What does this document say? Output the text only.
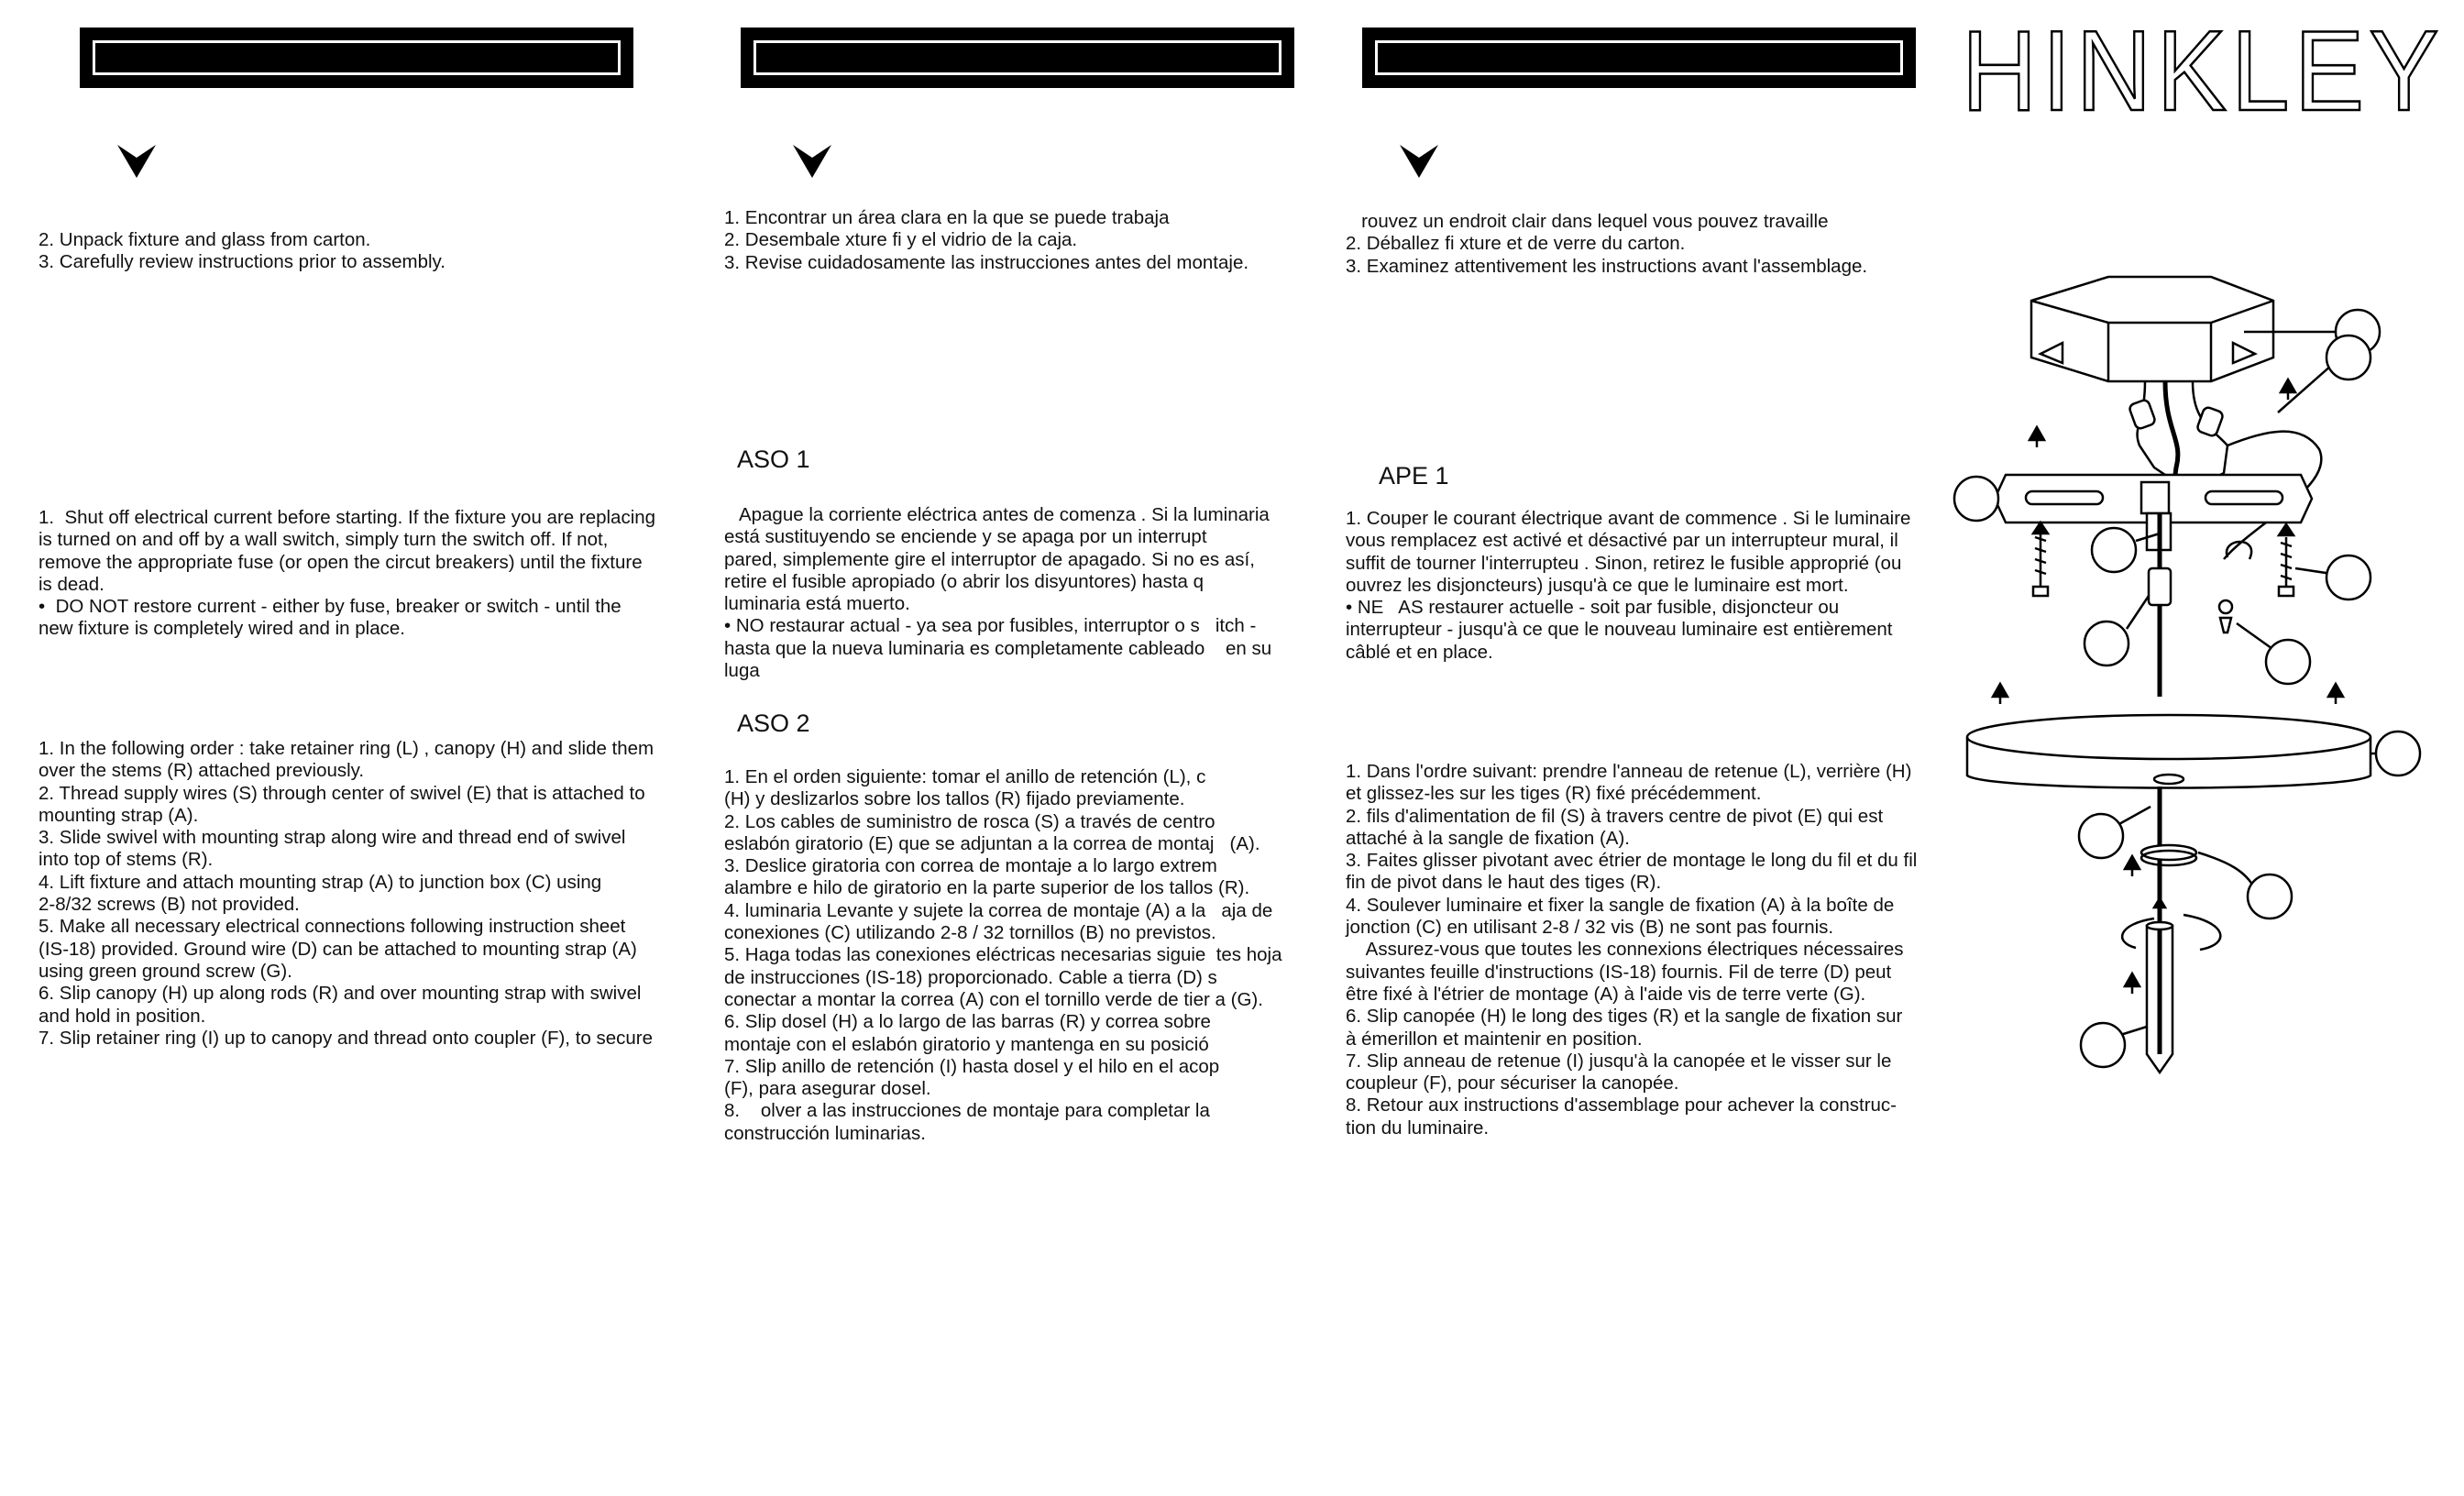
HINKLEY
2. Unpack fixture and glass from carton.
3. Carefully review instructions prior to assembly.
1.  Shut off electrical current before starting. If the fixture you are replacing
is turned on and off by a wall switch, simply turn the switch off. If not,
remove the appropriate fuse (or open the circut breakers) until the fixture
is dead.
•  DO NOT restore current - either by fuse, breaker or switch - until the
new fixture is completely wired and in place.
1. In the following order : take retainer ring (L) , canopy (H) and slide them
over the stems (R) attached previously.
2. Thread supply wires (S) through center of swivel (E) that is attached to
mounting strap (A).
3. Slide swivel with mounting strap along wire and thread end of swivel
into top of stems (R).
4. Lift fixture and attach mounting strap (A) to junction box (C) using
2-8/32 screws (B) not provided.
5. Make all necessary electrical connections following instruction sheet
(IS-18) provided. Ground wire (D) can be attached to mounting strap (A)
using green ground screw (G).
6. Slip canopy (H) up along rods (R) and over mounting strap with swivel
and hold in position.
7. Slip retainer ring (I) up to canopy and thread onto coupler (F), to secure
1. Encontrar un área clara en la que se puede trabaja
2. Desembale xture fi y el vidrio de la caja.
3. Revise cuidadosamente las instrucciones antes del montaje.
ASO 1
Apague la corriente eléctrica antes de comenza . Si la luminaria
está sustituyendo se enciende y se apaga por un interrupt
pared, simplemente gire el interruptor de apagado. Si no es así,
retire el fusible apropiado (o abrir los disyuntores) hasta q
luminaria está muerto.
• NO restaurar actual - ya sea por fusibles, interruptor o s   itch -
hasta que la nueva luminaria es completamente cableado    en su
luga
ASO 2
1. En el orden siguiente: tomar el anillo de retención (L), c
(H) y deslizarlos sobre los tallos (R) fijado previamente.
2. Los cables de suministro de rosca (S) a través de centro
eslabón giratorio (E) que se adjuntan a la correa de montaj   (A).
3. Deslice giratoria con correa de montaje a lo largo extrem
alambre e hilo de giratorio en la parte superior de los tallos (R).
4. luminaria Levante y sujete la correa de montaje (A) a la   aja de
conexiones (C) utilizando 2-8 / 32 tornillos (B) no previstos.
5. Haga todas las conexiones eléctricas necesarias siguie  tes hoja
de instrucciones (IS-18) proporcionado. Cable a tierra (D) s
conectar a montar la correa (A) con el tornillo verde de tier a (G).
6. Slip dosel (H) a lo largo de las barras (R) y correa sobre
montaje con el eslabón giratorio y mantenga en su posició
7. Slip anillo de retención (I) hasta dosel y el hilo en el acop
(F), para asegurar dosel.
8.    olver a las instrucciones de montaje para completar la
construcción luminarias.
rouvez un endroit clair dans lequel vous pouvez travaille
2. Déballez fi xture et de verre du carton.
3. Examinez attentivement les instructions avant l'assemblage.
APE 1
1. Couper le courant électrique avant de commence . Si le luminaire
vous remplacez est activé et désactivé par un interrupteur mural, il
suffit de tourner l'interrupteu . Sinon, retirez le fusible approprié (ou
ouvrez les disjoncteurs) jusqu'à ce que le luminaire est mort.
• NE   AS restaurer actuelle - soit par fusible, disjoncteur ou
interrupteur - jusqu'à ce que le nouveau luminaire est entièrement
câblé et en place.
1. Dans l'ordre suivant: prendre l'anneau de retenue (L), verrière (H)
et glissez-les sur les tiges (R) fixé précédemment.
2. fils d'alimentation de fil (S) à travers centre de pivot (E) qui est
attaché à la sangle de fixation (A).
3. Faites glisser pivotant avec étrier de montage le long du fil et du fil
fin de pivot dans le haut des tiges (R).
4. Soulever luminaire et fixer la sangle de fixation (A) à la boîte de
jonction (C) en utilisant 2-8 / 32 vis (B) ne sont pas fournis.
Assurez-vous que toutes les connexions électriques nécessaires
suivantes feuille d'instructions (IS-18) fournis. Fil de terre (D) peut
être fixé à l'étrier de montage (A) à l'aide vis de terre verte (G).
6. Slip canopée (H) le long des tiges (R) et la sangle de fixation sur
à émerillon et maintenir en position.
7. Slip anneau de retenue (I) jusqu'à la canopée et le visser sur le
coupleur (F), pour sécuriser la canopée.
8. Retour aux instructions d'assemblage pour achever la construc-
tion du luminaire.
